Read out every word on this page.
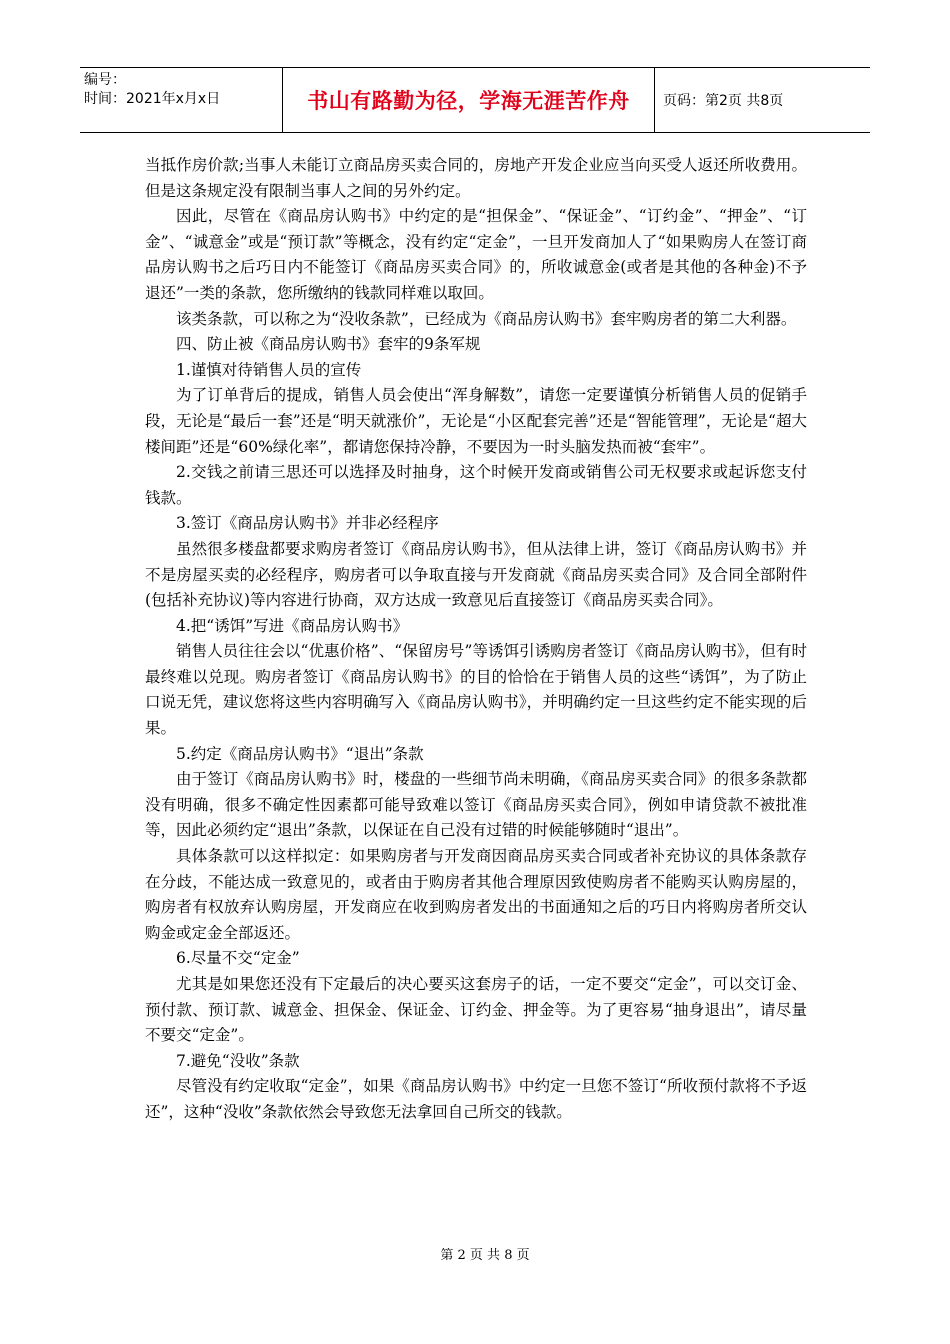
编号：
时间：2021年x月x日	书山有路勤为径，学海无涯苦作舟	页码：第2页 共8页

当抵作房价款;当事人未能订立商品房买卖合同的，房地产开发企业应当向买受人返还所收费用。但是这条规定没有限制当事人之间的另外约定。

因此，尽管在《商品房认购书》中约定的是“担保金”、“保证金”、“订约金”、“押金”、“订金”、“诚意金”或是“预订款”等概念，没有约定“定金”，一旦开发商加人了“如果购房人在签订商品房认购书之后巧日内不能签订《商品房买卖合同》的，所收诚意金(或者是其他的各种金)不予退还”一类的条款，您所缴纳的钱款同样难以取回。

该类条款，可以称之为“没收条款”，已经成为《商品房认购书》套牢购房者的第二大利器。

四、防止被《商品房认购书》套牢的9条军规

1.谨慎对待销售人员的宣传

为了订单背后的提成，销售人员会使出“浑身解数”，请您一定要谨慎分析销售人员的促销手段，无论是“最后一套”还是“明天就涨价”，无论是“小区配套完善”还是“智能管理”，无论是“超大楼间距”还是“60%绿化率”，都请您保持冷静，不要因为一时头脑发热而被“套牢”。

2.交钱之前请三思还可以选择及时抽身，这个时候开发商或销售公司无权要求或起诉您支付钱款。

3.签订《商品房认购书》并非必经程序

虽然很多楼盘都要求购房者签订《商品房认购书》，但从法律上讲，签订《商品房认购书》并不是房屋买卖的必经程序，购房者可以争取直接与开发商就《商品房买卖合同》及合同全部附件(包括补充协议)等内容进行协商，双方达成一致意见后直接签订《商品房买卖合同》。

4.把“诱饵”写进《商品房认购书》

销售人员往往会以“优惠价格”、“保留房号”等诱饵引诱购房者签订《商品房认购书》，但有时最终难以兑现。购房者签订《商品房认购书》的目的恰恰在于销售人员的这些“诱饵”，为了防止口说无凭，建议您将这些内容明确写入《商品房认购书》，并明确约定一旦这些约定不能实现的后果。

5.约定《商品房认购书》“退出”条款

由于签订《商品房认购书》时，楼盘的一些细节尚未明确，《商品房买卖合同》的很多条款都没有明确，很多不确定性因素都可能导致难以签订《商品房买卖合同》，例如申请贷款不被批准等，因此必须约定“退出”条款，以保证在自己没有过错的时候能够随时“退出”。

具体条款可以这样拟定：如果购房者与开发商因商品房买卖合同或者补充协议的具体条款存在分歧，不能达成一致意见的，或者由于购房者其他合理原因致使购房者不能购买认购房屋的，购房者有权放弃认购房屋，开发商应在收到购房者发出的书面通知之后的巧日内将购房者所交认购金或定金全部返还。

6.尽量不交“定金”

尤其是如果您还没有下定最后的决心要买这套房子的话，一定不要交“定金”，可以交订金、预付款、预订款、诚意金、担保金、保证金、订约金、押金等。为了更容易“抽身退出”，请尽量不要交“定金”。

7.避免“没收”条款

尽管没有约定收取“定金”，如果《商品房认购书》中约定一旦您不签订“所收预付款将不予返还”，这种“没收”条款依然会导致您无法拿回自己所交的钱款。

第 2 页 共 8 页
